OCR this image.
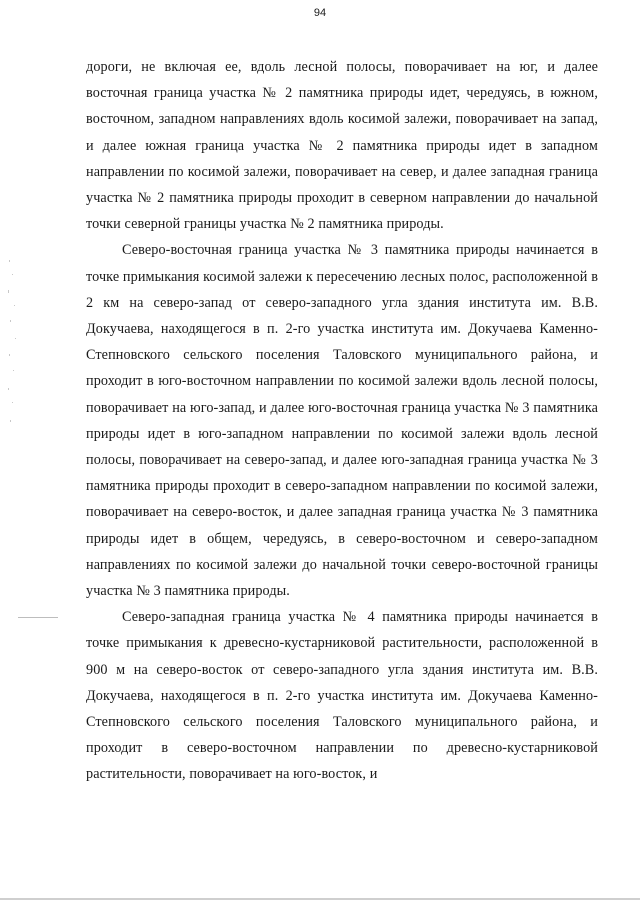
94

дороги, не включая ее, вдоль лесной полосы, поворачивает на юг, и далее восточная граница участка № 2 памятника природы идет, чередуясь, в южном, восточном, западном направлениях вдоль косимой залежи, поворачивает на запад, и далее южная граница участка № 2 памятника природы идет в западном направлении по косимой залежи, поворачивает на север, и далее западная граница участка № 2 памятника природы проходит в северном направлении до начальной точки северной границы участка № 2 памятника природы.

Северо-восточная граница участка № 3 памятника природы начинается в точке примыкания косимой залежи к пересечению лесных полос, расположенной в 2 км на северо-запад от северо-западного угла здания института им. В.В. Докучаева, находящегося в п. 2-го участка института им. Докучаева Каменно-Степновского сельского поселения Таловского муниципального района, и проходит в юго-восточном направлении по косимой залежи вдоль лесной полосы, поворачивает на юго-запад, и далее юго-восточная граница участка № 3 памятника природы идет в юго-западном направлении по косимой залежи вдоль лесной полосы, поворачивает на северо-запад, и далее юго-западная граница участка № 3 памятника природы проходит в северо-западном направлении по косимой залежи, поворачивает на северо-восток, и далее западная граница участка № 3 памятника природы идет в общем, чередуясь, в северо-восточном и северо-западном направлениях по косимой залежи до начальной точки северо-восточной границы участка № 3 памятника природы.

Северо-западная граница участка № 4 памятника природы начинается в точке примыкания к древесно-кустарниковой растительности, расположенной в 900 м на северо-восток от северо-западного угла здания института им. В.В. Докучаева, находящегося в п. 2-го участка института им. Докучаева Каменно-Степновского сельского поселения Таловского муниципального района, и проходит в северо-восточном направлении по древесно-кустарниковой растительности, поворачивает на юго-восток, и
